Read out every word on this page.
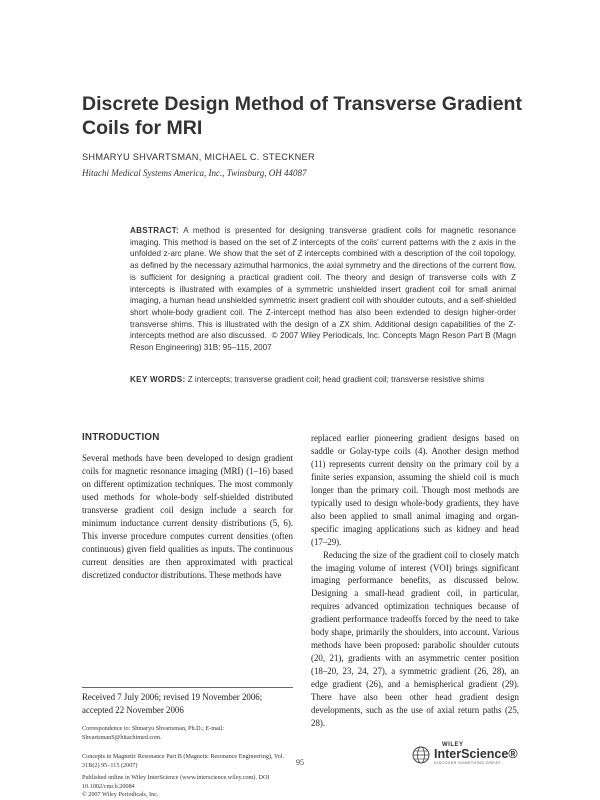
Discrete Design Method of Transverse Gradient Coils for MRI
SHMARYU SHVARTSMAN, MICHAEL C. STECKNER
Hitachi Medical Systems America, Inc., Twinsburg, OH 44087

ABSTRACT: A method is presented for designing transverse gradient coils for magnetic resonance imaging. This method is based on the set of Z intercepts of the coils' current patterns with the z axis in the unfolded z-arc plane. We show that the set of Z intercepts combined with a description of the coil topology, as defined by the necessary azimuthal harmonics, the axial symmetry and the directions of the current flow, is sufficient for designing a practical gradient coil. The theory and design of transverse coils with Z intercepts is illustrated with examples of a symmetric unshielded insert gradient coil for small animal imaging, a human head unshielded symmetric insert gradient coil with shoulder cutouts, and a self-shielded short whole-body gradient coil. The Z-intercept method has also been extended to design higher-order transverse shims. This is illustrated with the design of a ZX shim. Additional design capabilities of the Z-intercepts method are also discussed. © 2007 Wiley Periodicals, Inc. Concepts Magn Reson Part B (Magn Reson Engineering) 31B: 95–115, 2007

KEY WORDS: Z intercepts; transverse gradient coil; head gradient coil; transverse resistive shims

INTRODUCTION

Several methods have been developed to design gradient coils for magnetic resonance imaging (MRI) (1–16) based on different optimization techniques. The most commonly used methods for whole-body self-shielded distributed transverse gradient coil design include a search for minimum inductance current density distributions (5, 6). This inverse procedure computes current densities (often continuous) given field qualities as inputs. The continuous current densities are then approximated with practical discretized conductor distributions. These methods have

replaced earlier pioneering gradient designs based on saddle or Golay-type coils (4). Another design method (11) represents current density on the primary coil by a finite series expansion, assuming the shield coil is much longer than the primary coil. Though most methods are typically used to design whole-body gradients, they have also been applied to small animal imaging and organ-specific imaging applications such as kidney and head (17–29).

Reducing the size of the gradient coil to closely match the imaging volume of interest (VOI) brings significant imaging performance benefits, as discussed below. Designing a small-head gradient coil, in particular, requires advanced optimization techniques because of gradient performance tradeoffs forced by the need to take body shape, primarily the shoulders, into account. Various methods have been proposed: parabolic shoulder cutouts (20, 21), gradients with an asymmetric center position (18–20, 23, 24, 27), a symmetric gradient (26, 28), an edge gradient (26), and a hemispherical gradient (29). There have also been other head gradient design developments, such as the use of axial return paths (25, 28).

Received 7 July 2006; revised 19 November 2006; accepted 22 November 2006

Correspondence to: Shmaryu Shvartsman, Ph.D.; E-mail: ShvartsmanS@hitachimed.com.

Concepts in Magnetic Resonance Part B (Magnetic Resonance Engineering), Vol. 31B(2) 95–115 (2007)

Published online in Wiley InterScience (www.interscience.wiley.com). DOI 10.1002/cmr.b.20084

© 2007 Wiley Periodicals, Inc.

95
WILEY
InterScience®
DISCOVER SOMETHING GREAT
